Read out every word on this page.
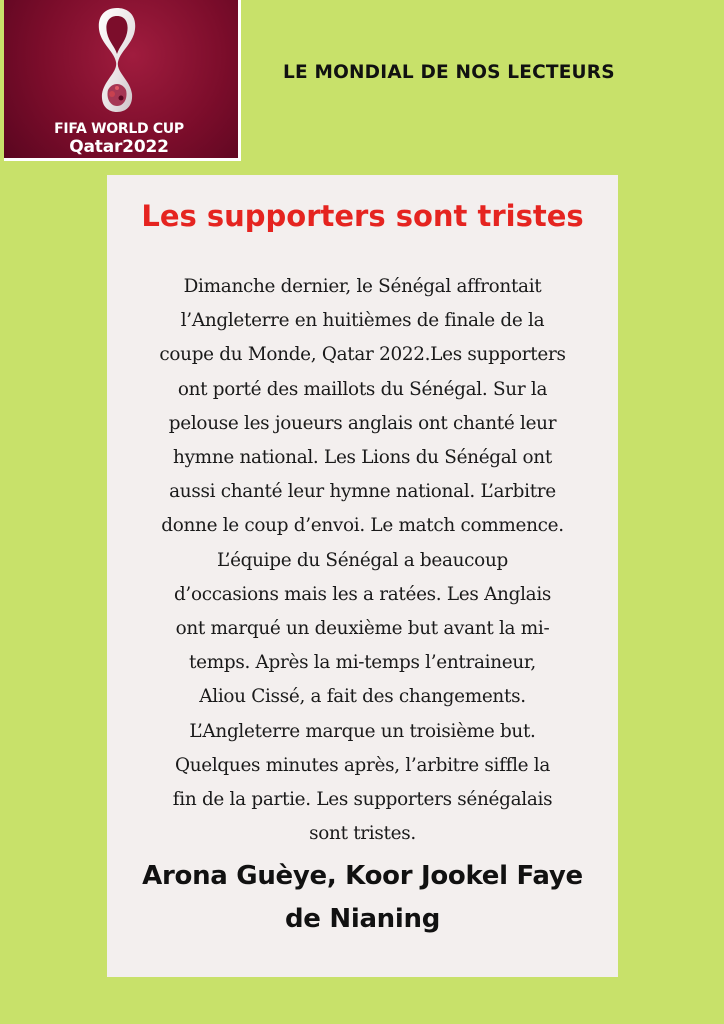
FIFA WORLD CUP
Qatar2022
LE MONDIAL DE NOS LECTEURS
Les supporters sont tristes

Dimanche dernier, le Sénégal affrontait
l’Angleterre en huitièmes de finale de la
coupe du Monde, Qatar 2022.Les supporters
ont porté des maillots du Sénégal. Sur la
pelouse les joueurs anglais ont chanté leur
hymne national. Les Lions du Sénégal ont
aussi chanté leur hymne national. L’arbitre
donne le coup d’envoi. Le match commence.
L’équipe du Sénégal a beaucoup
d’occasions mais les a ratées. Les Anglais
ont marqué un deuxième but avant la mi-
temps. Après la mi-temps l’entraineur,
Aliou Cissé, a fait des changements.
L’Angleterre marque un troisième but.
Quelques minutes après, l’arbitre siffle la
fin de la partie. Les supporters sénégalais
sont tristes.

Arona Guèye, Koor Jookel Faye
de Nianing
